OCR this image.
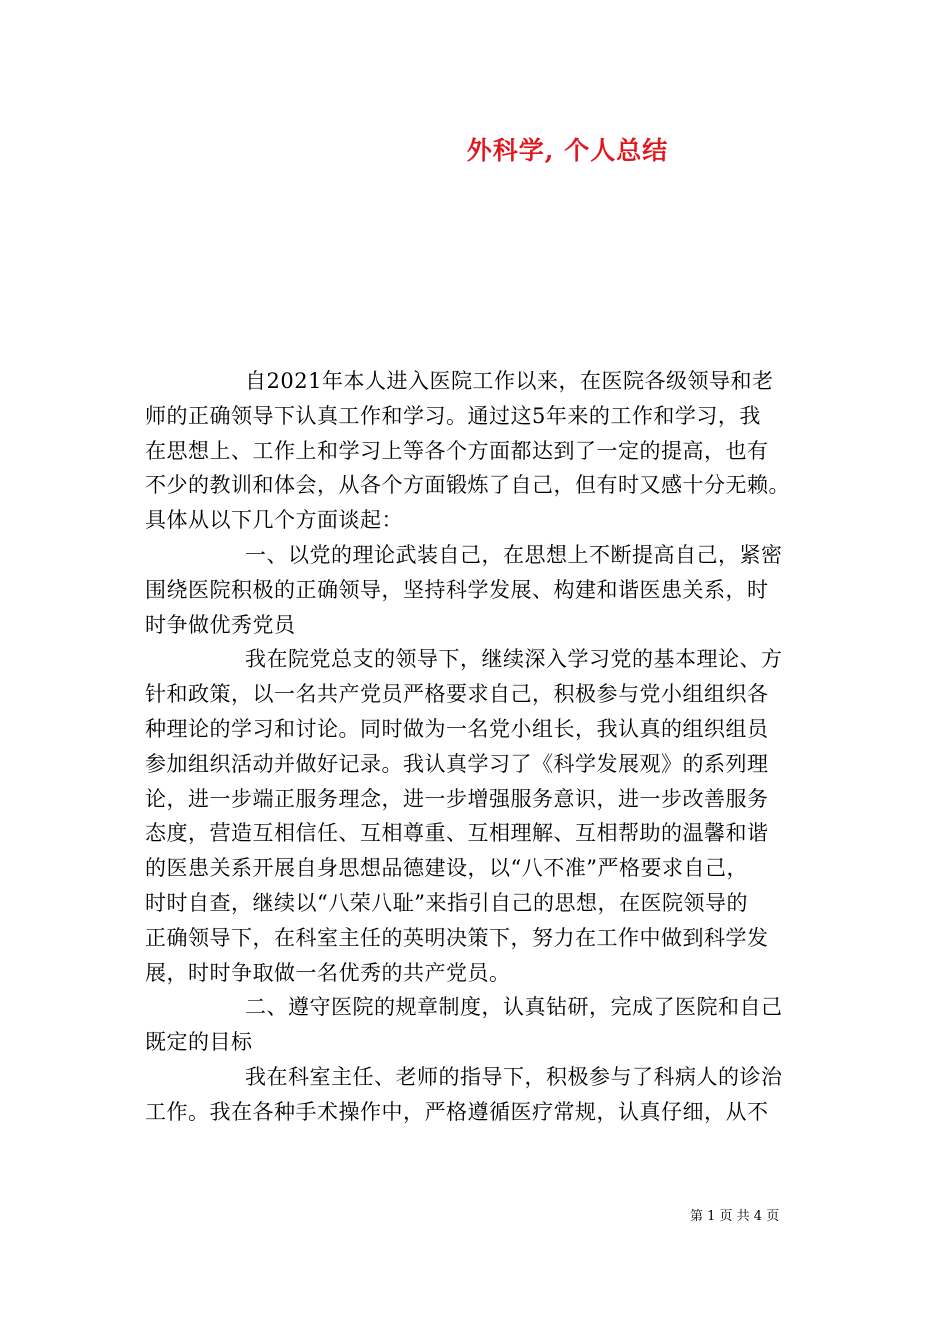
外科学, 个人总结
自2021年本人进入医院工作以来，在医院各级领导和老
师的正确领导下认真工作和学习。通过这5年来的工作和学习，我
在思想上、工作上和学习上等各个方面都达到了一定的提高，也有
不少的教训和体会，从各个方面锻炼了自己，但有时又感十分无赖。
具体从以下几个方面谈起：
一、以党的理论武装自己，在思想上不断提高自己，紧密
围绕医院积极的正确领导，坚持科学发展、构建和谐医患关系，时
时争做优秀党员
我在院党总支的领导下，继续深入学习党的基本理论、方
针和政策，以一名共产党员严格要求自己，积极参与党小组组织各
种理论的学习和讨论。同时做为一名党小组长，我认真的组织组员
参加组织活动并做好记录。我认真学习了《科学发展观》的系列理
论，进一步端正服务理念，进一步增强服务意识，进一步改善服务
态度，营造互相信任、互相尊重、互相理解、互相帮助的温馨和谐
的医患关系开展自身思想品德建设，以“八不准”严格要求自己，
时时自查，继续以“八荣八耻”来指引自己的思想，在医院领导的
正确领导下，在科室主任的英明决策下，努力在工作中做到科学发
展，时时争取做一名优秀的共产党员。
二、遵守医院的规章制度，认真钻研，完成了医院和自己
既定的目标
我在科室主任、老师的指导下，积极参与了科病人的诊治
工作。我在各种手术操作中，严格遵循医疗常规，认真仔细，从不
第 1 页 共 4 页
